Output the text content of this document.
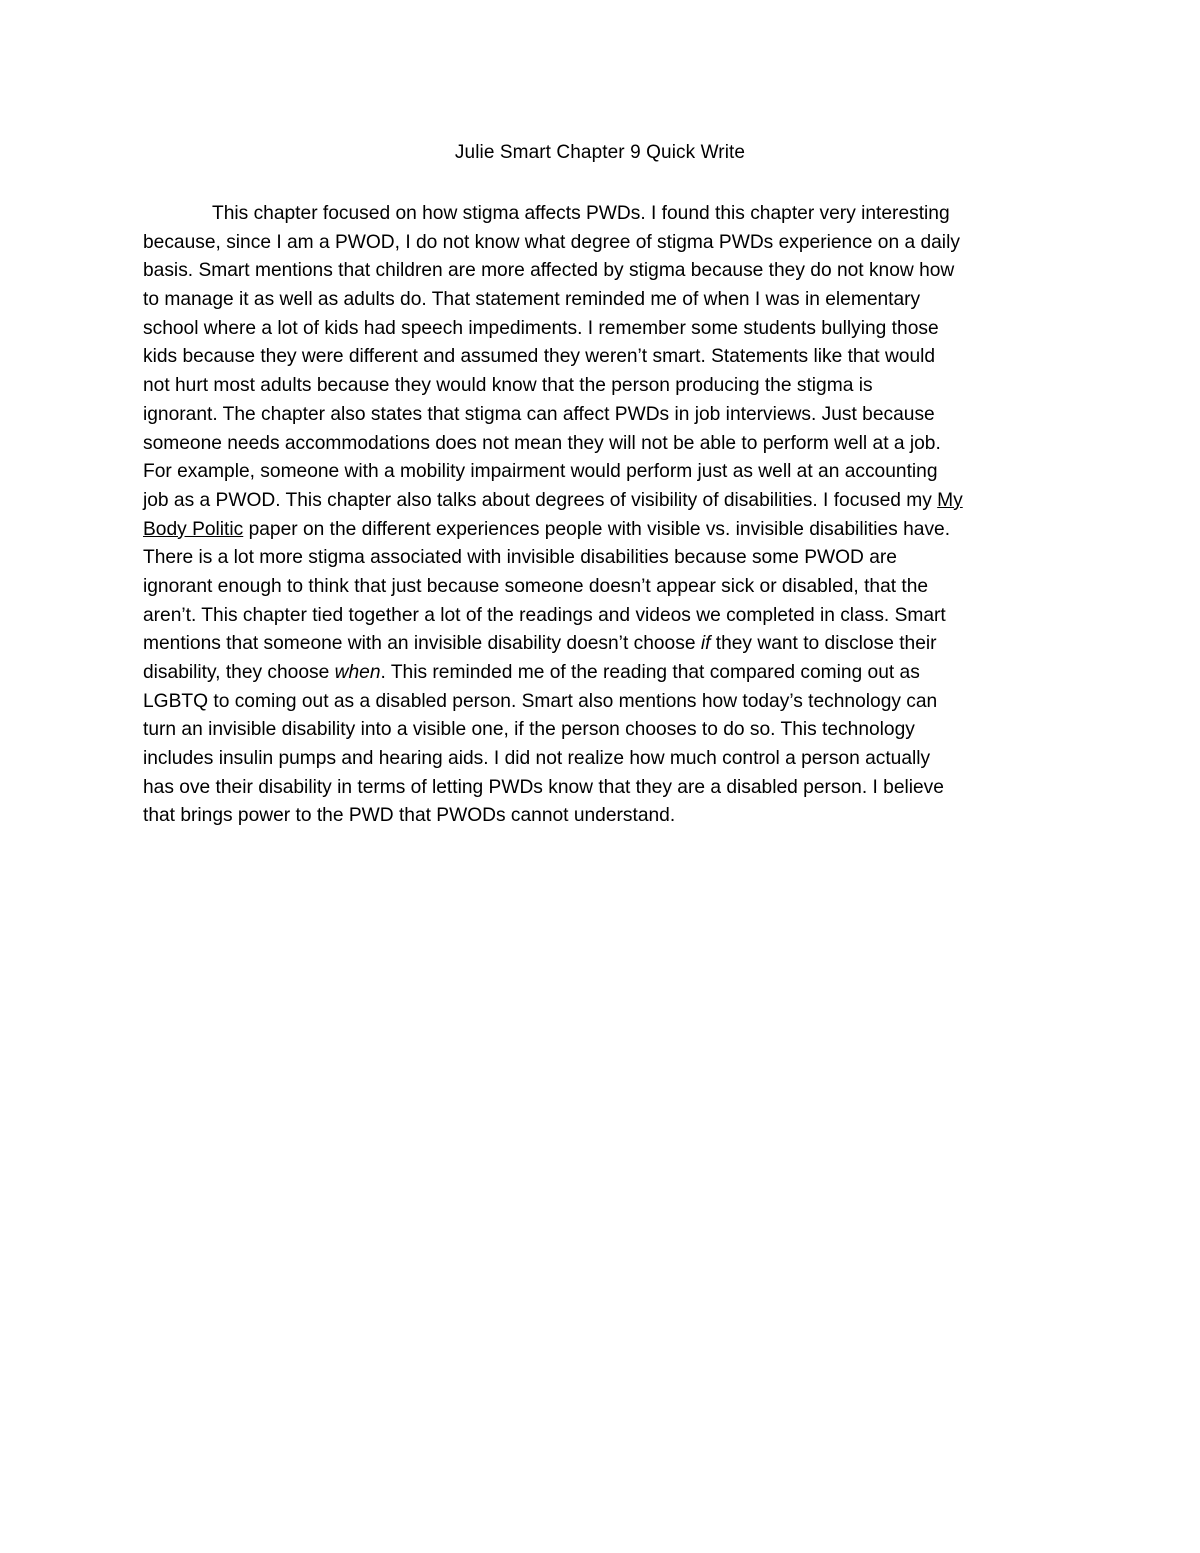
Julie Smart Chapter 9 Quick Write
This chapter focused on how stigma affects PWDs. I found this chapter very interesting
because, since I am a PWOD, I do not know what degree of stigma PWDs experience on a daily
basis. Smart mentions that children are more affected by stigma because they do not know how
to manage it as well as adults do. That statement reminded me of when I was in elementary
school where a lot of kids had speech impediments. I remember some students bullying those
kids because they were different and assumed they weren’t smart. Statements like that would
not hurt most adults because they would know that the person producing the stigma is
ignorant. The chapter also states that stigma can affect PWDs in job interviews. Just because
someone needs accommodations does not mean they will not be able to perform well at a job.
For example, someone with a mobility impairment would perform just as well at an accounting
job as a PWOD. This chapter also talks about degrees of visibility of disabilities. I focused my My
Body Politic paper on the different experiences people with visible vs. invisible disabilities have.
There is a lot more stigma associated with invisible disabilities because some PWOD are
ignorant enough to think that just because someone doesn’t appear sick or disabled, that the
aren’t. This chapter tied together a lot of the readings and videos we completed in class. Smart
mentions that someone with an invisible disability doesn’t choose if they want to disclose their
disability, they choose when. This reminded me of the reading that compared coming out as
LGBTQ to coming out as a disabled person. Smart also mentions how today’s technology can
turn an invisible disability into a visible one, if the person chooses to do so. This technology
includes insulin pumps and hearing aids. I did not realize how much control a person actually
has ove their disability in terms of letting PWDs know that they are a disabled person. I believe
that brings power to the PWD that PWODs cannot understand.
